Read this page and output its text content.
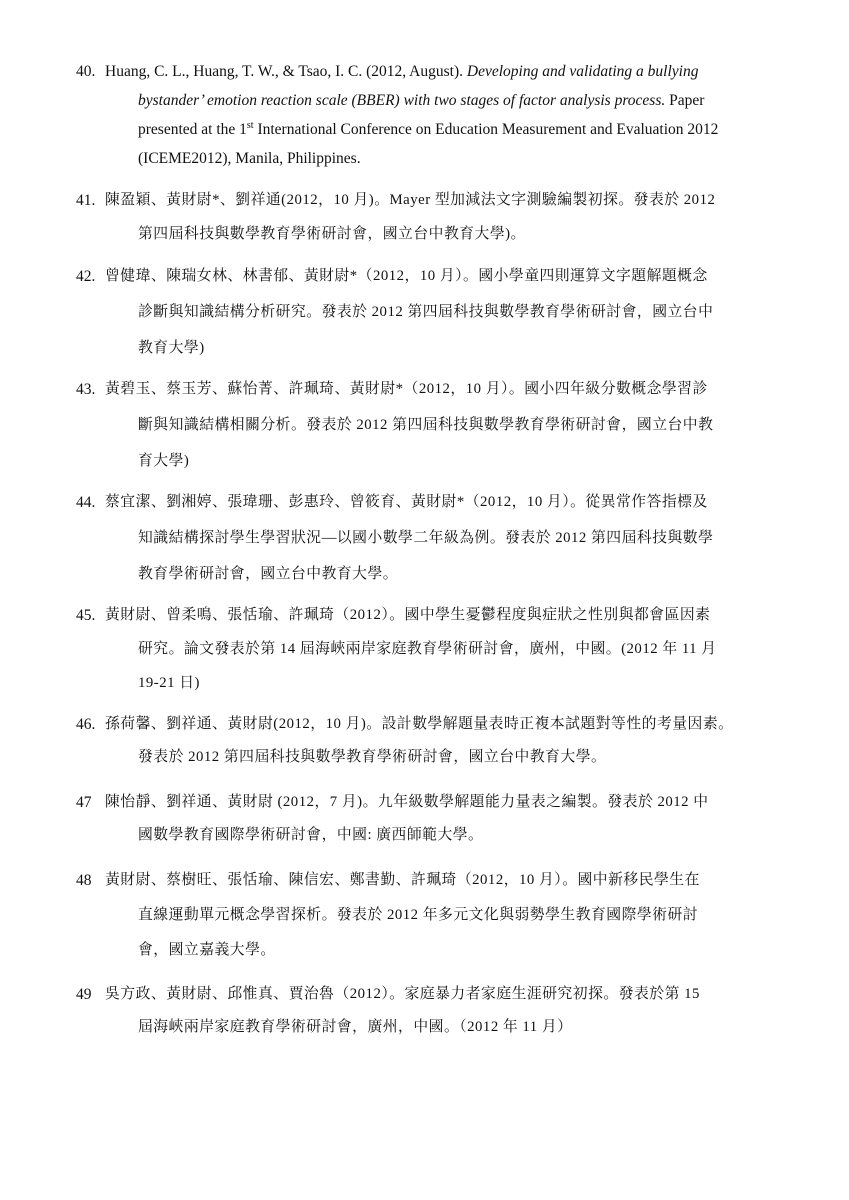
40. Huang, C. L., Huang, T. W., & Tsao, I. C. (2012, August). Developing and validating a bullying
bystander’ emotion reaction scale (BBER) with two stages of factor analysis process. Paper
presented at the 1st International Conference on Education Measurement and Evaluation 2012
(ICEME2012), Manila, Philippines.
41. 陳盈穎、黃財尉*、劉祥通(2012，10 月)。Mayer 型加減法文字測驗編製初探。發表於 2012
第四屆科技與數學教育學術研討會，國立台中教育大學)。
42. 曾健瑋、陳瑞女林、林書郁、黃財尉*（2012，10 月）。國小學童四則運算文字題解題概念
診斷與知識結構分析研究。發表於 2012 第四屆科技與數學教育學術研討會，國立台中
教育大學)
43. 黃碧玉、蔡玉芳、蘇怡菁、許珮琦、黃財尉*（2012，10 月）。國小四年級分數概念學習診
斷與知識結構相關分析。發表於 2012 第四屆科技與數學教育學術研討會，國立台中教
育大學)
44. 蔡宜潔、劉湘婷、張瑋珊、彭惠玲、曾筱育、黃財尉*（2012，10 月）。從異常作答指標及
知識結構探討學生學習狀況—以國小數學二年級為例。發表於 2012 第四屆科技與數學
教育學術研討會，國立台中教育大學。
45. 黃財尉、曾柔鳴、張恬瑜、許珮琦（2012）。國中學生憂鬱程度與症狀之性別與都會區因素
研究。論文發表於第 14 屆海峽兩岸家庭教育學術研討會，廣州，中國。(2012 年 11 月
19-21 日)
46. 孫荷馨、劉祥通、黃財尉(2012，10 月)。設計數學解題量表時正複本試題對等性的考量因素。
發表於 2012 第四屆科技與數學教育學術研討會，國立台中教育大學。
47 陳怡靜、劉祥通、黃財尉 (2012，7 月)。九年級數學解題能力量表之編製。發表於 2012 中
國數學教育國際學術研討會，中國: 廣西師範大學。
48 黃財尉、蔡樹旺、張恬瑜、陳信宏、鄭書勤、許珮琦（2012，10 月）。國中新移民學生在
直線運動單元概念學習探析。發表於 2012 年多元文化與弱勢學生教育國際學術研討
會，國立嘉義大學。
49 吳方政、黃財尉、邱惟真、賈治魯（2012）。家庭暴力者家庭生涯研究初探。發表於第 15
屆海峽兩岸家庭教育學術研討會，廣州，中國。（2012 年 11 月）
